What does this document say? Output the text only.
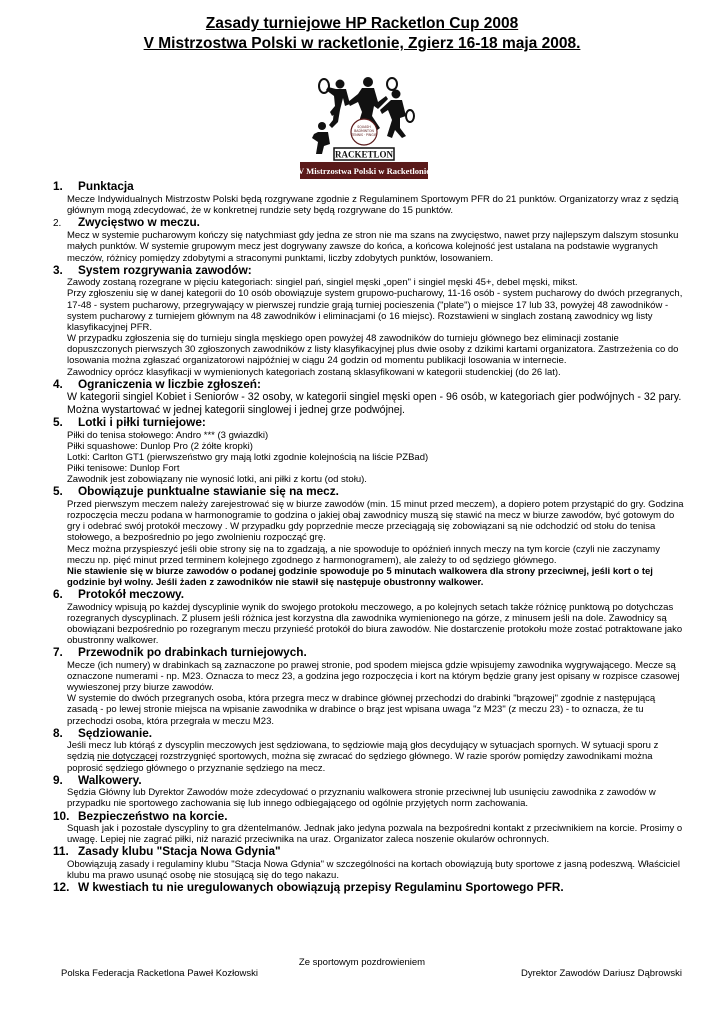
Zasady turniejowe HP Racketlon Cup 2008
V Mistrzostwa Polski w racketlonie, Zgierz 16-18 maja 2008.
SQUASH
BADMINTON
TENNIS · PINGIS
RACKETLON
V Mistrzostwa Polski w Racketlonie
1.	Punktacja

Mecze Indywidualnych Mistrzostw Polski będą rozgrywane zgodnie z Regulaminem Sportowym PFR do 21 punktów. Organizatorzy wraz z sędzią głównym mogą zdecydować, że w konkretnej rundzie sety będą rozgrywane do 15 punktów.

2.	Zwycięstwo w meczu.

Mecz w systemie pucharowym kończy się natychmiast gdy jedna ze stron nie ma szans na zwycięstwo, nawet przy najlepszym dalszym stosunku małych punktów. W systemie grupowym mecz jest dogrywany zawsze do końca, a końcowa kolejność jest ustalana na podstawie wygranych meczów, różnicy pomiędzy zdobytymi a straconymi punktami, liczby zdobytych punktów, losowaniem.

3.	System rozgrywania zawodów:

Zawody zostaną rozegrane w pięciu kategoriach: singiel pań, singiel męski „open" i singiel męski 45+, debel męski, mikst.

Przy zgłoszeniu się w danej kategorii do 10 osób obowiązuje system grupowo-pucharowy, 11-16 osób - system pucharowy do dwóch przegranych, 17-48 - system pucharowy, przegrywający w pierwszej rundzie grają turniej pocieszenia ("plate") o miejsce 17 lub 33, powyżej 48 zawodników - system pucharowy z turniejem głównym na 48 zawodników i eliminacjami (o 16 miejsc). Rozstawieni w singlach zostaną zawodnicy wg listy klasyfikacyjnej PFR.

W przypadku zgłoszenia się do turnieju singla męskiego open powyżej 48 zawodników do turnieju głównego bez eliminacji zostanie dopuszczonych pierwszych 30 zgłoszonych zawodników z listy klasyfikacyjnej plus dwie osoby z dzikimi kartami organizatora. Zastrzeżenia co do losowania można zgłaszać organizatorowi najpóźniej w ciągu 24 godzin od momentu publikacji losowania w internecie.

Zawodnicy oprócz klasyfikacji w wymienionych kategoriach zostaną sklasyfikowani w kategorii studenckiej (do 26 lat).

4.	Ograniczenia w liczbie zgłoszeń:

W kategorii singiel Kobiet i Seniorów - 32 osoby, w kategorii singiel męski open - 96 osób, w kategoriach gier podwójnych - 32 pary. Można wystartować w jednej kategorii singlowej i jednej grze podwójnej.

5.	Lotki i piłki turniejowe:

Piłki do tenisa stołowego: Andro *** (3 gwiazdki)

Piłki squashowe: Dunlop Pro (2 żółte kropki)

Lotki: Carlton GT1 (pierwszeństwo gry mają lotki zgodnie kolejnością na liście PZBad)

Piłki tenisowe: Dunlop Fort

Zawodnik jest zobowiązany nie wynosić lotki, ani piłki z kortu (od stołu).

5.	Obowiązuje punktualne stawianie się na mecz.

Przed pierwszym meczem należy zarejestrować się w biurze zawodów (min. 15 minut przed meczem), a dopiero potem przystąpić do gry. Godzina rozpoczęcia meczu podana w harmonogramie to godzina o jakiej obaj zawodnicy muszą się stawić na mecz w biurze zawodów, być gotowym do gry i odebrać swój protokół meczowy . W przypadku gdy poprzednie mecze przeciągają się zobowiązani są nie odchodzić od stołu do tenisa stołowego, a bezpośrednio po jego zwolnieniu rozpocząć grę.

Mecz można przyspieszyć jeśli obie strony się na to zgadzają, a nie spowoduje to opóźnień innych meczy na tym korcie (czyli nie zaczynamy meczu np. pięć minut przed terminem kolejnego zgodnego z harmonogramem), ale zależy to od sędziego głównego.

Nie stawienie się w biurze zawodów o podanej godzinie spowoduje po 5 minutach walkowera dla strony przeciwnej, jeśli kort o tej godzinie był wolny. Jeśli żaden z zawodników nie stawił się następuje obustronny walkower.

6.	Protokół meczowy.

Zawodnicy wpisują po każdej dyscyplinie wynik do swojego protokołu meczowego, a po kolejnych setach także różnicę punktową po dotychczas rozegranych dyscyplinach. Z plusem jeśli różnica jest korzystna dla zawodnika wymienionego na górze, z minusem jeśli na dole. Zawodnicy są obowiązani bezpośrednio po rozegranym meczu przynieść protokół do biura zawodów. Nie dostarczenie protokołu może zostać potraktowane jako obustronny walkower.

7.	Przewodnik po drabinkach turniejowych.

Mecze (ich numery) w drabinkach są zaznaczone po prawej stronie, pod spodem miejsca gdzie wpisujemy zawodnika wygrywającego. Mecze są oznaczone numerami - np. M23. Oznacza to mecz 23, a godzina jego rozpoczęcia i kort na którym będzie grany jest opisany w rozpisce czasowej wywieszonej przy biurze zawodów.

W systemie do dwóch przegranych osoba, która przegra mecz w drabince głównej przechodzi do drabinki "brązowej" zgodnie z następującą zasadą - po lewej stronie miejsca na wpisanie zawodnika w drabince o brąz jest wpisana uwaga "z M23" (z meczu 23) - to oznacza, że tu przechodzi osoba, która przegrała w meczu M23.

8.	Sędziowanie.

Jeśli mecz lub którąś z dyscyplin meczowych jest sędziowana, to sędziowie mają głos decydujący w sytuacjach spornych. W sytuacji sporu z sędzią nie dotyczącej rozstrzygnięć sportowych, można się zwracać do sędziego głównego. W razie sporów pomiędzy zawodnikami można poprosić sędziego głównego o przyznanie sędziego na mecz.

9.	Walkowery.

Sędzia Główny lub Dyrektor Zawodów może zdecydować o przyznaniu walkowera stronie przeciwnej lub usunięciu zawodnika z zawodów w przypadku nie sportowego zachowania się lub innego odbiegającego od ogólnie przyjętych norm zachowania.

10. Bezpieczeństwo na korcie.

Squash jak i pozostałe dyscypliny to gra dżentelmanów. Jednak jako jedyna pozwala na bezpośredni kontakt z przeciwnikiem na korcie. Prosimy o uwagę. Lepiej nie zagrać piłki, niż narazić przeciwnika na uraz. Organizator zaleca noszenie okularów ochronnych.

11. Zasady klubu "Stacja Nowa Gdynia"

Obowiązują zasady i regulaminy klubu "Stacja Nowa Gdynia" w szczególności na kortach obowiązują buty sportowe z jasną podeszwą. Właściciel klubu ma prawo usunąć osobę nie stosującą się do tego nakazu.

12. W kwestiach tu nie uregulowanych obowiązują przepisy Regulaminu Sportowego PFR.
Ze sportowym pozdrowieniem
Polska Federacja Racketlona Paweł Kozłowski	Dyrektor Zawodów Dariusz Dąbrowski
